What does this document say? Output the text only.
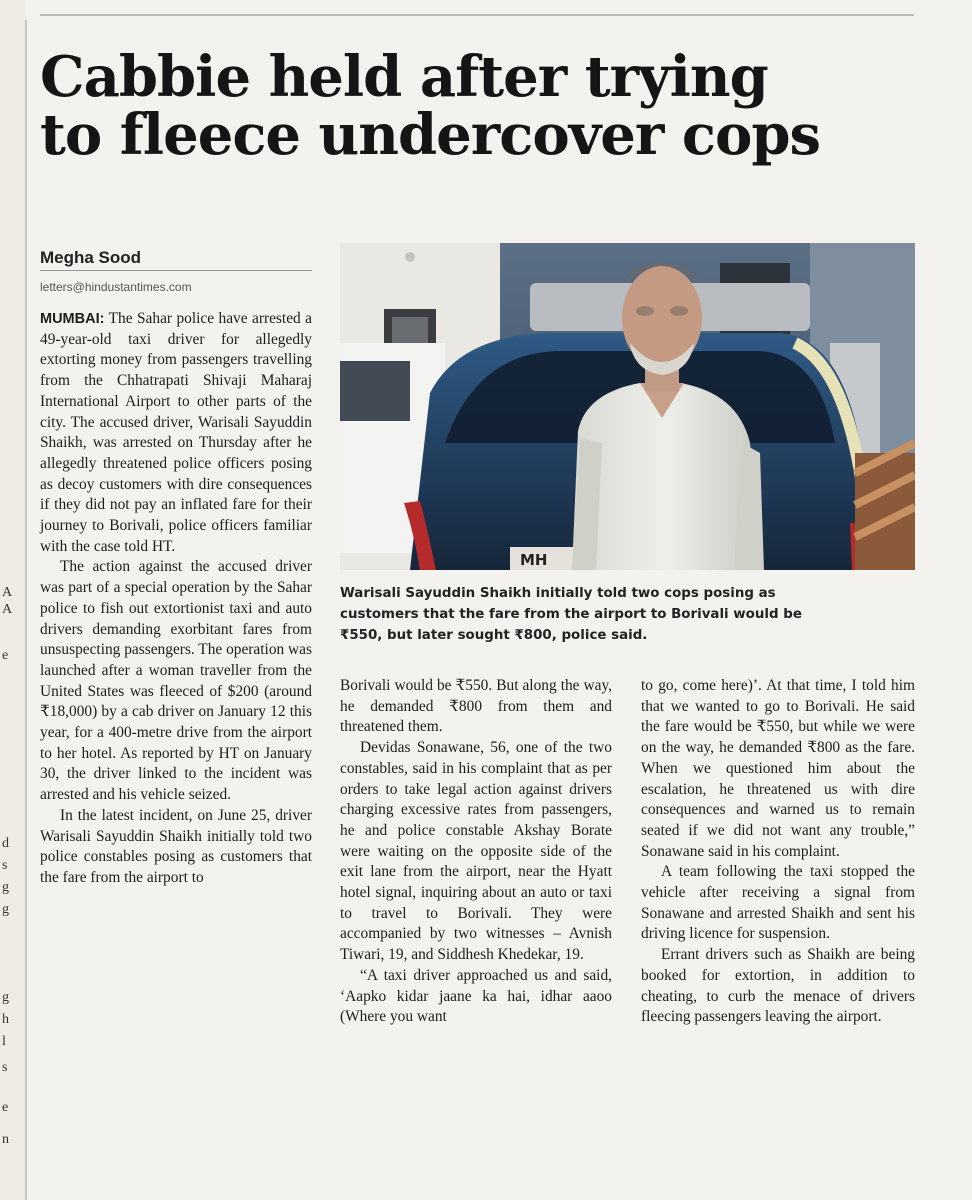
A
A
e
d
s
g
g
g
h
l
s
e
n
Cabbie held after trying
to fleece undercover cops
Megha Sood
letters@hindustantimes.com

MUMBAI: The Sahar police have arrested a 49-year-old taxi driver for allegedly extorting money from passengers travelling from the Chhatrapati Shivaji Maharaj International Airport to other parts of the city. The accused driver, Warisali Sayuddin Shaikh, was arrested on Thursday after he allegedly threatened police officers posing as decoy customers with dire consequences if they did not pay an inflated fare for their journey to Borivali, police officers familiar with the case told HT.

The action against the accused driver was part of a special operation by the Sahar police to fish out extortionist taxi and auto drivers demanding exorbitant fares from unsuspecting passengers. The operation was launched after a woman traveller from the United States was fleeced of $200 (around ₹18,000) by a cab driver on January 12 this year, for a 400-metre drive from the airport to her hotel. As reported by HT on January 30, the driver linked to the incident was arrested and his vehicle seized.

In the latest incident, on June 25, driver Warisali Sayuddin Shaikh initially told two police constables posing as customers that the fare from the airport to

MH

Warisali Sayuddin Shaikh initially told two cops posing as
customers that the fare from the airport to Borivali would be
₹550, but later sought ₹800, police said.

Borivali would be ₹550. But along the way, he demanded ₹800 from them and threatened them.

Devidas Sonawane, 56, one of the two constables, said in his complaint that as per orders to take legal action against drivers charging excessive rates from passengers, he and police constable Akshay Borate were waiting on the opposite side of the exit lane from the airport, near the Hyatt hotel signal, inquiring about an auto or taxi to travel to Borivali. They were accompanied by two witnesses – Avnish Tiwari, 19, and Siddhesh Khedekar, 19.

“A taxi driver approached us and said, ‘Aapko kidar jaane ka hai, idhar aaoo (Where you want

to go, come here)’. At that time, I told him that we wanted to go to Borivali. He said the fare would be ₹550, but while we were on the way, he demanded ₹800 as the fare. When we questioned him about the escalation, he threatened us with dire consequences and warned us to remain seated if we did not want any trouble,” Sonawane said in his complaint.

A team following the taxi stopped the vehicle after receiving a signal from Sonawane and arrested Shaikh and sent his driving licence for suspension.

Errant drivers such as Shaikh are being booked for extortion, in addition to cheating, to curb the menace of drivers fleecing passengers leaving the airport.
